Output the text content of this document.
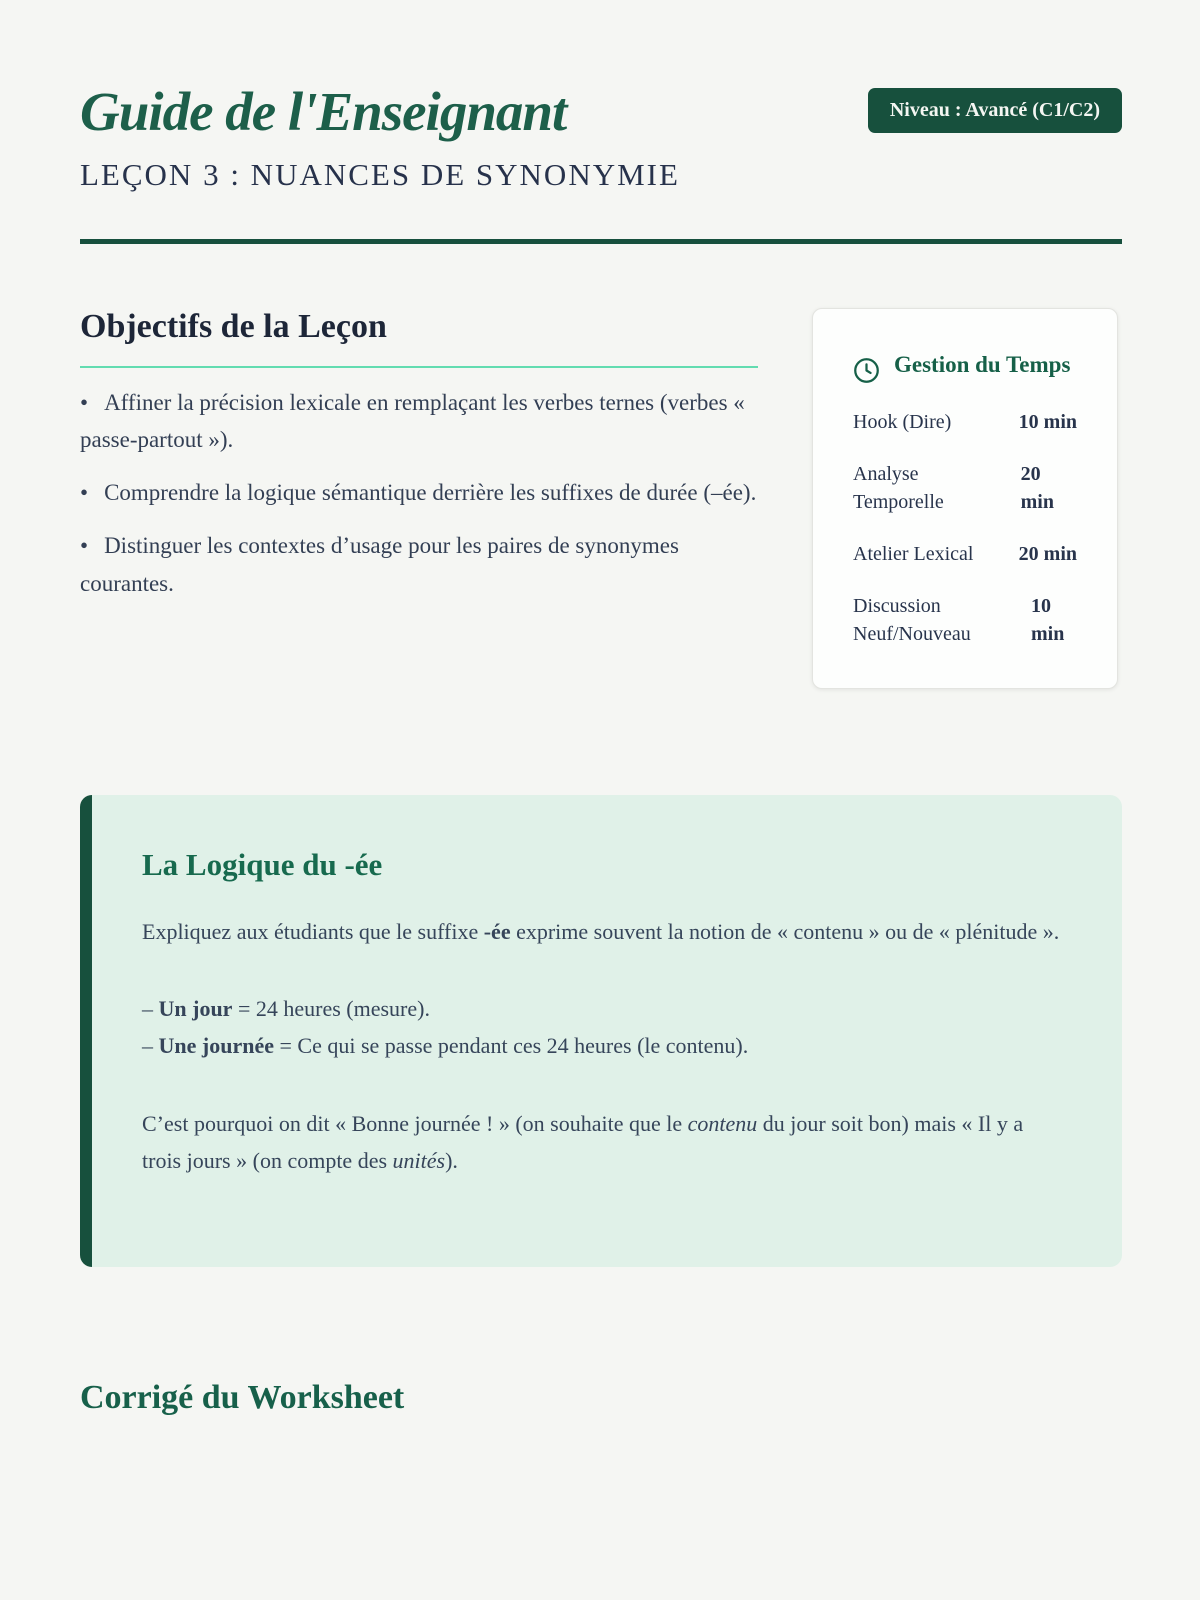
Guide de l'Enseignant
LEÇON 3 : NUANCES DE SYNONYMIE
Niveau : Avancé (C1/C2)
Objectifs de la Leçon

• Affiner la précision lexicale en remplaçant les verbes ternes (verbes « passe-partout »).

• Comprendre la logique sémantique derrière les suffixes de durée (–ée).

• Distinguer les contextes d’usage pour les paires de synonymes courantes.

Gestion du Temps
Hook (Dire)	10 min
Analyse Temporelle
20 min
Atelier Lexical 20 min
Discussion Neuf/Nouveau
10 min
La Logique du -ée

Expliquez aux étudiants que le suffixe -ée exprime souvent la notion de « contenu » ou de « plénitude ».

– Un jour = 24 heures (mesure).

– Une journée = Ce qui se passe pendant ces 24 heures (le contenu).

C’est pourquoi on dit « Bonne journée ! » (on souhaite que le contenu du jour soit bon) mais « Il y a trois jours » (on compte des unités).

Corrigé du Worksheet
